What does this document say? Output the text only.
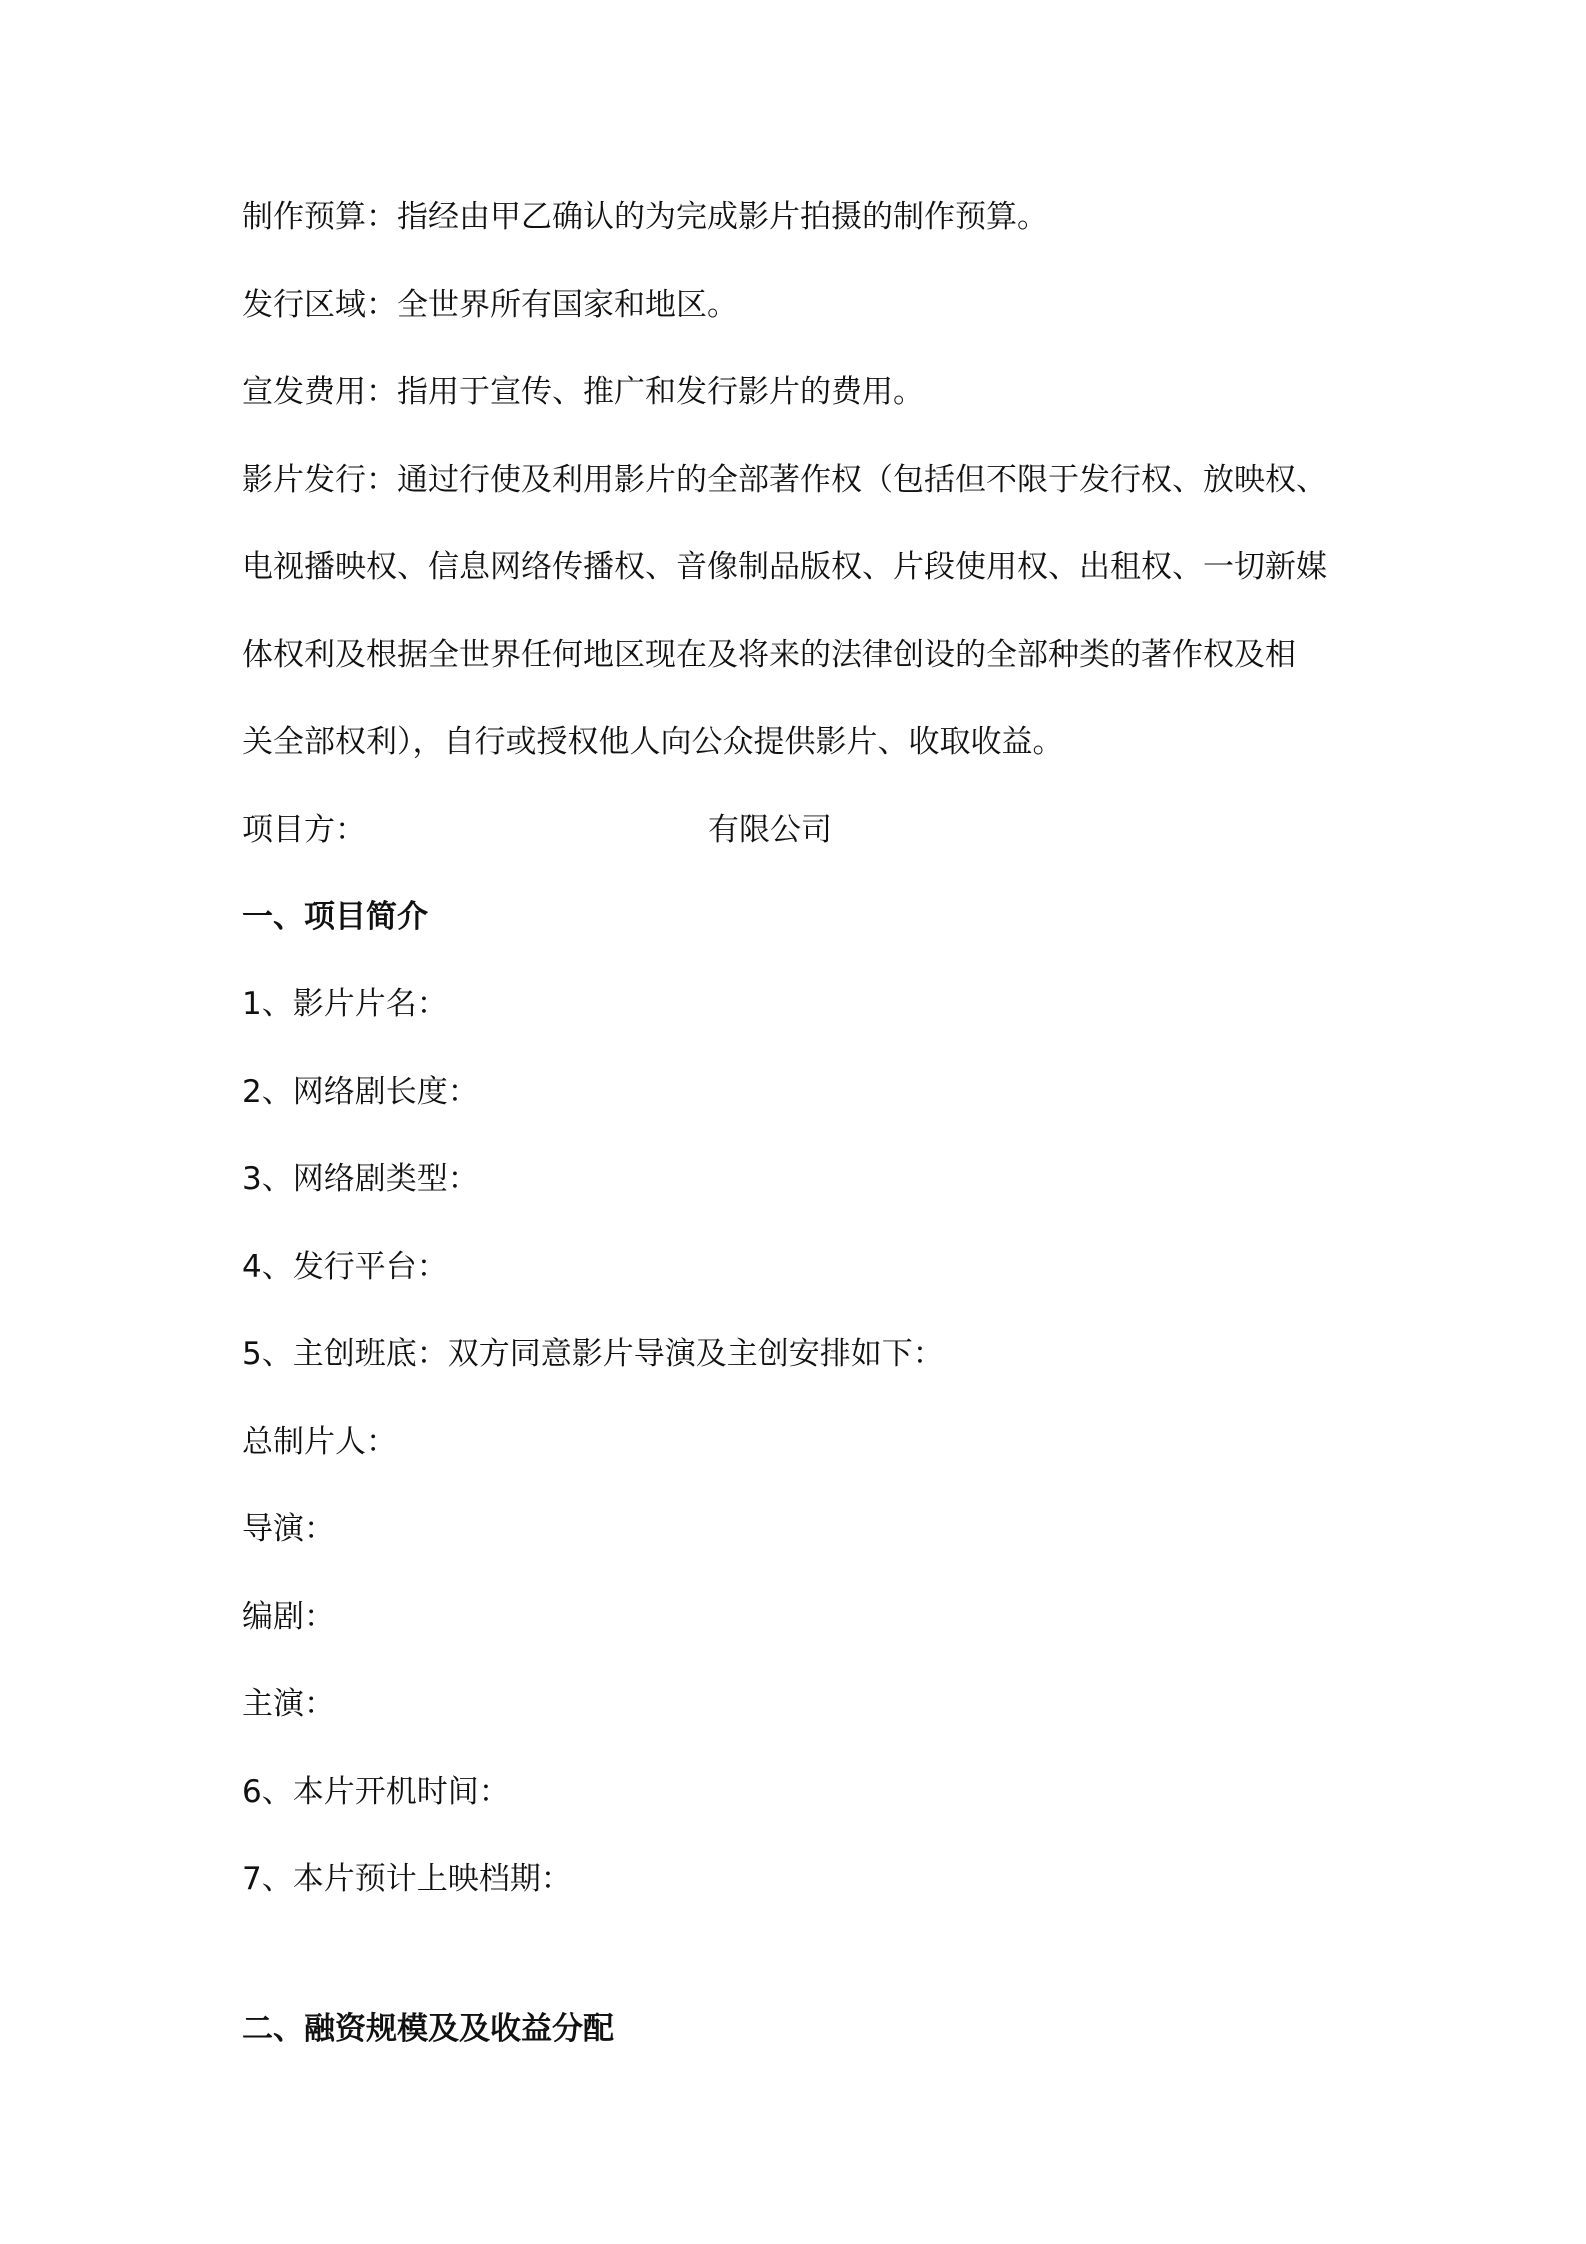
制作预算：指经由甲乙确认的为完成影片拍摄的制作预算。
发行区域：全世界所有国家和地区。
宣发费用：指用于宣传、推广和发行影片的费用。
影片发行：通过行使及利用影片的全部著作权（包括但不限于发行权、放映权、
电视播映权、信息网络传播权、音像制品版权、片段使用权、出租权、一切新媒
体权利及根据全世界任何地区现在及将来的法律创设的全部种类的著作权及相
关全部权利），自行或授权他人向公众提供影片、收取收益。
项目方：	有限公司
一、项目简介
1、影片片名：
2、网络剧长度：
3、网络剧类型：
4、发行平台：
5、主创班底：双方同意影片导演及主创安排如下：
总制片人：
导演：
编剧：
主演：
6、本片开机时间：
7、本片预计上映档期：
二、融资规模及及收益分配
